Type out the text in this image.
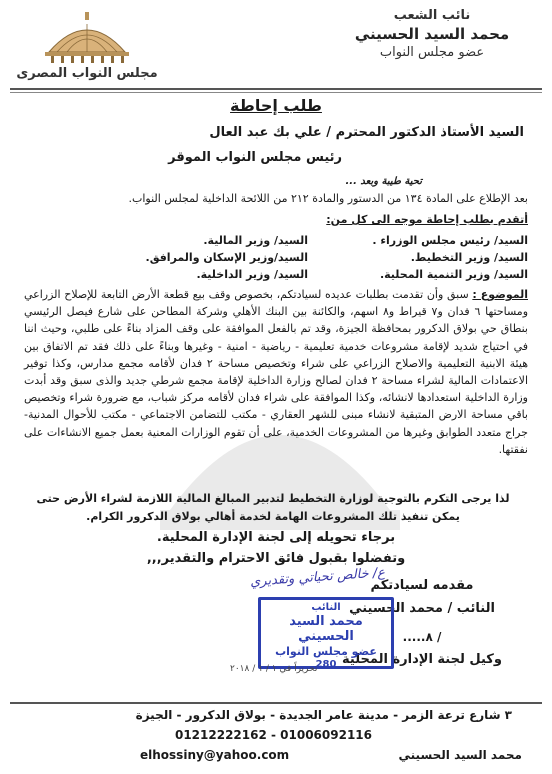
نائب الشعب
محمد السيد الحسيني
عضو مجلس النواب
مجلس النواب المصرى
طلب إحاطة
السيد الأستاذ الدكتور المحترم / علي بك عبد العال
رئيس مجلس النواب الموقر
تحية طيبة وبعد ...
بعد الإطلاع على المادة ١٣٤ من الدستور والمادة ٢١٢ من اللائحة الداخلية لمجلس النواب.
أتقدم بطلب إحاطة موجه الى كل من:
السيد/ رئيس مجلس الوزراء .
السيد/ وزير المالية.
السيد/ وزير التخطيط.
السيد/وزير الإسكان والمرافق.
السيد/ وزير التنمية المحلية.
السيد/ وزير الداخلية.
الموضوع : سبق وأن تقدمت بطلبات عديده لسيادتكم، بخصوص وقف بيع قطعة الأرض التابعة للإصلاح الزراعي ومساحتها ٦ فدان و٧ قيراط و٨ اسهم، والكائنة بين البنك الأهلي وشركة المطاحن على شارع فيصل الرئيسي بنطاق حي بولاق الدكرور بمحافظة الجيزة، وقد تم بالفعل الموافقة على وقف المزاد بناءً على طلبي، وحيث اننا في احتياج شديد لإقامة مشروعات خدمية تعليمية - رياضية - امنية - وغيرها وبناءً على ذلك فقد تم الاتفاق بين هيئة الابنية التعليمية والاصلاح الزراعي على شراء وتخصيص مساحة ٢ فدان لأقامه مجمع مدارس، وكذا توفير الاعتمادات المالية لشراء مساحة ٢ فدان لصالح وزارة الداخلية لإقامة مجمع شرطي جديد والذى سبق وقد أبدت وزارة الداخلية استعدادها لانشائه، وكذا الموافقة على شراء فدان لأقامه مركز شباب، مع ضرورة شراء وتخصيص باقي مساحة الارض المتبقية لانشاء مبنى للشهر العقاري - مكتب للتضامن الاجتماعي - مكتب للأحوال المدنية- جراج متعدد الطوابق وغيرها من المشروعات الخدمية، على أن تقوم الوزارات المعنية بعمل جميع الانشاءات على نفقتها.
لذا يرجى التكرم بالتوجية لوزارة التخطيط لتدبير المبالغ المالية اللازمة لشراء الأرض حتى يمكن تنفيذ تلك المشروعات الهامة لخدمة أهالي بولاق الدكرور الكرام.
برجاء تحويله إلى لجنة الإدارة المحلية.
وتفضلوا بقبول فائق الاحترام والتقدير,,,
مقدمه لسيادتكم
النائب / محمد الحسيني
/ ٨.....
وكيل لجنة الإدارة المحلية
ع/ خالص تحياتي وتقديري
النائب
محمد السيد الحسيني
عضو مجلس النواب
280
تحريراً في ١ / ١ / ٢٠١٨
٣ شارع ترعة الزمر - مدينة عامر الجديدة - بولاق الدكرور - الجيزة
01212222162 - 01006092116
elhossiny@yahoo.com	محمد السيد الحسيني
